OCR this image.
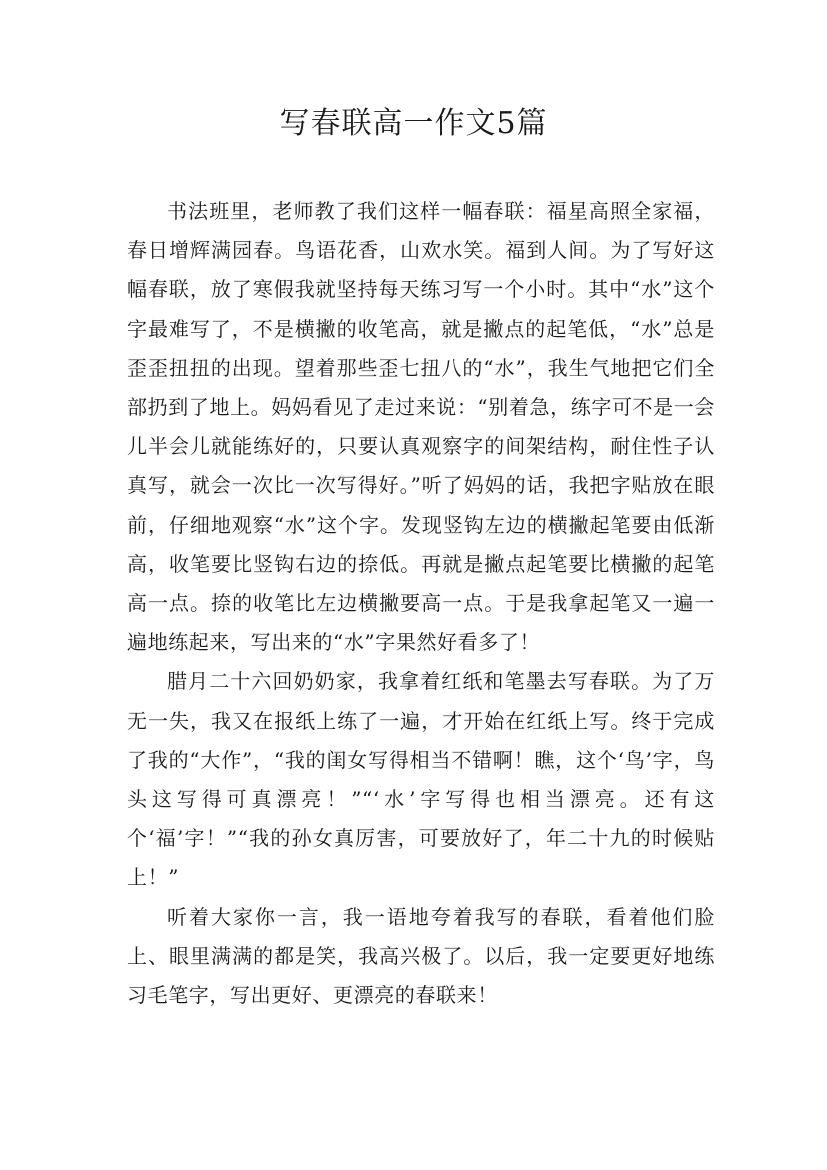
写春联高一作文5篇

书法班里，老师教了我们这样一幅春联：福星高照全家福，春日增辉满园春。鸟语花香，山欢水笑。福到人间。为了写好这幅春联，放了寒假我就坚持每天练习写一个小时。其中“水”这个字最难写了，不是横撇的收笔高，就是撇点的起笔低，“水”总是歪歪扭扭的出现。望着那些歪七扭八的“水”，我生气地把它们全部扔到了地上。妈妈看见了走过来说：“别着急，练字可不是一会儿半会儿就能练好的，只要认真观察字的间架结构，耐住性子认真写，就会一次比一次写得好。”听了妈妈的话，我把字贴放在眼前，仔细地观察“水”这个字。发现竖钩左边的横撇起笔要由低渐高，收笔要比竖钩右边的捺低。再就是撇点起笔要比横撇的起笔高一点。捺的收笔比左边横撇要高一点。于是我拿起笔又一遍一遍地练起来，写出来的“水”字果然好看多了！

腊月二十六回奶奶家，我拿着红纸和笔墨去写春联。为了万无一失，我又在报纸上练了一遍，才开始在红纸上写。终于完成了我的“大作”，“我的闺女写得相当不错啊！瞧，这个‘鸟’字，鸟头这写得可真漂亮！”“‘水’字写得也相当漂亮。还有这个‘福’字！”“我的孙女真厉害，可要放好了，年二十九的时候贴上！”

听着大家你一言，我一语地夸着我写的春联，看着他们脸上、眼里满满的都是笑，我高兴极了。以后，我一定要更好地练习毛笔字，写出更好、更漂亮的春联来！
